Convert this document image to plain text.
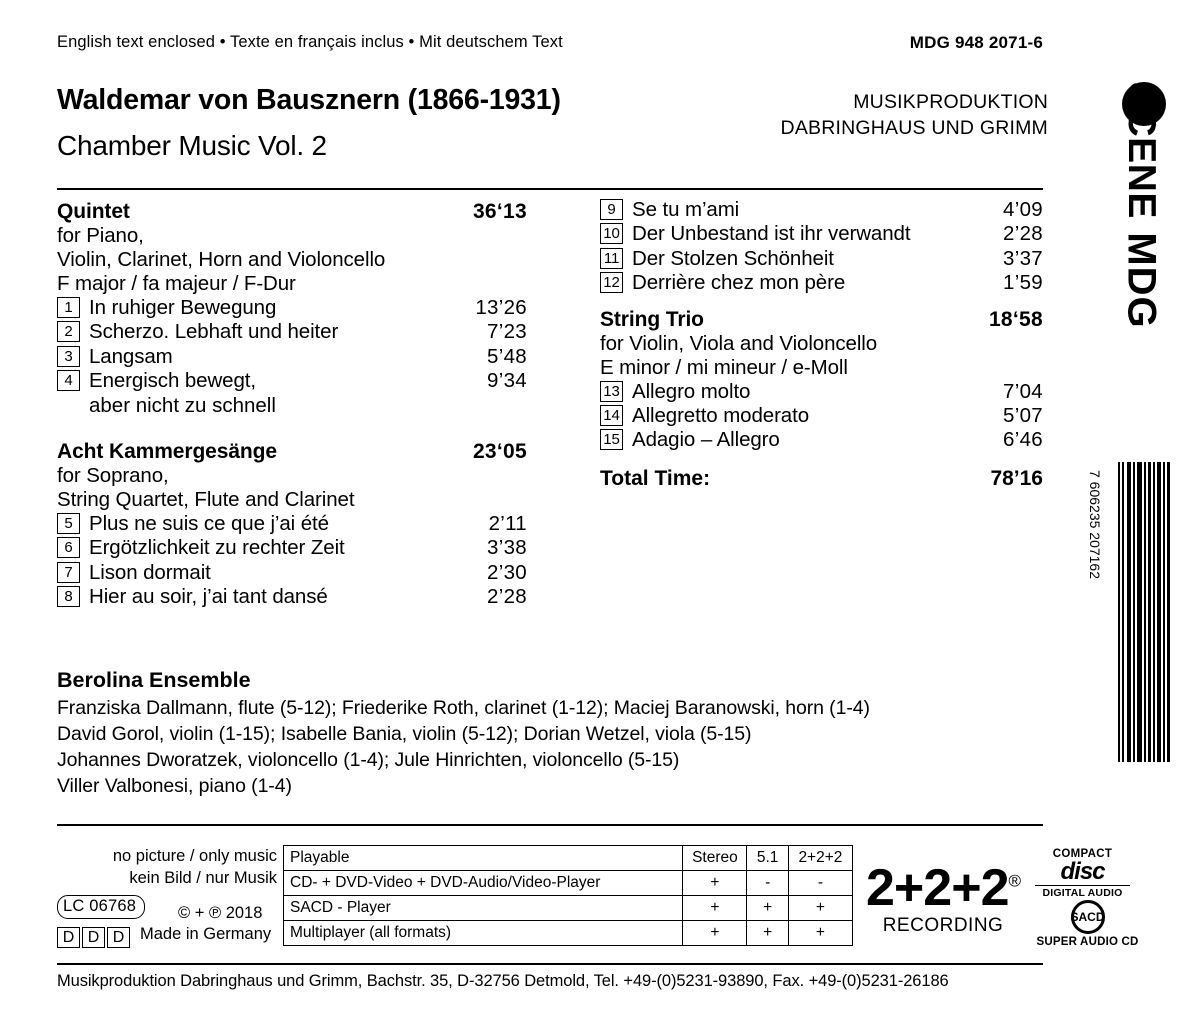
English text enclosed • Texte en français inclus • Mit deutschem Text	MDG 948 2071-6
Waldemar von Bausznern (1866-1931)
Chamber Music Vol. 2
MUSIKPRODUKTION
DABRINGHAUS UND GRIMM
MDG
SCENE
Quintet	36‘13
for Piano,
Violin, Clarinet, Horn and Violoncello
F major / fa majeur / F-Dur
1 In ruhiger Bewegung	13’26
2 Scherzo. Lebhaft und heiter	7’23
3 Langsam	5’48
4 Energisch bewegt,	9’34
aber nicht zu schnell
Acht Kammergesänge	23‘05
for Soprano,
String Quartet, Flute and Clarinet
5 Plus ne suis ce que j’ai été	2’11
6 Ergötzlichkeit zu rechter Zeit	3’38
7 Lison dormait	2’30
8 Hier au soir, j’ai tant dansé	2’28
9 Se tu m’ami	4’09
10 Der Unbestand ist ihr verwandt	2’28
11 Der Stolzen Schönheit	3’37
12 Derrière chez mon père	1’59
String Trio	18‘58
for Violin, Viola and Violoncello
E minor / mi mineur / e-Moll
13 Allegro molto	7’04
14 Allegretto moderato	5’07
15 Adagio – Allegro	6’46
Total Time:	78’16
Berolina Ensemble
Franziska Dallmann, flute (5-12); Friederike Roth, clarinet (1-12); Maciej Baranowski, horn (1-4)
David Gorol, violin (1-15); Isabelle Bania, violin (5-12); Dorian Wetzel, viola (5-15)
Johannes Dworatzek, violoncello (1-4); Jule Hinrichten, violoncello (5-15)
Viller Valbonesi, piano (1-4)
7 606235 207162
no picture / only music
kein Bild / nur Musik
LC 06768
D D D
© + ℗ 2018
Made in Germany
Playable	Stereo	5.1	2+2+2
CD- + DVD-Video + DVD-Audio/Video-Player	+	-	-
SACD - Player	+	+	+
Multiplayer (all formats)	+	+	+
2+2+2®
RECORDING
COMPACT
disc
DIGITAL AUDIO
SACD
SUPER AUDIO CD
Musikproduktion Dabringhaus und Grimm, Bachstr. 35, D-32756 Detmold, Tel. +49-(0)5231-93890, Fax. +49-(0)5231-26186
